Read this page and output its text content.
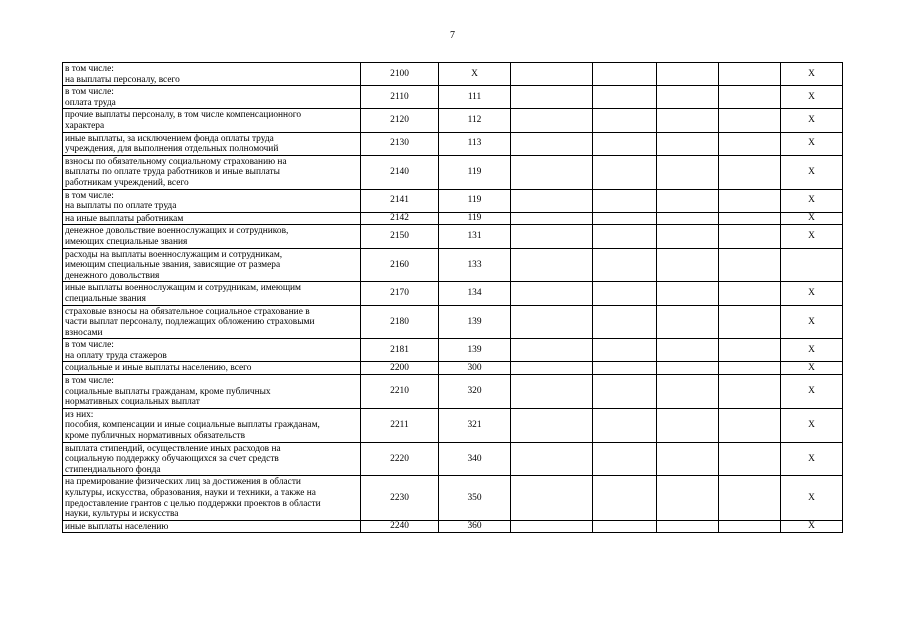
7
в том числе:
на выплаты персоналу, всего	2100	X					X

в том числе:
оплата труда	2110	111					X

прочие выплаты персоналу, в том числе компенсационного
характера	2120	112					X

иные выплаты, за исключением фонда оплаты труда
учреждения, для выполнения отдельных полномочий	2130	113					X

взносы по обязательному социальному страхованию на
выплаты по оплате труда работников и иные выплаты
работникам учреждений, всего	2140	119					X

в том числе:
на выплаты по оплате труда	2141	119					X

на иные выплаты работникам	2142	119					X

денежное довольствие военнослужащих и сотрудников,
имеющих специальные звания	2150	131					X

расходы на выплаты военнослужащим и сотрудникам,
имеющим специальные звания, зависящие от размера
денежного довольствия	2160	133					

иные выплаты военнослужащим и сотрудникам, имеющим
специальные звания	2170	134					X

страховые взносы на обязательное социальное страхование в
части выплат персоналу, подлежащих обложению страховыми
взносами	2180	139					X

в том числе:
на оплату труда стажеров	2181	139					X

социальные и иные выплаты населению, всего	2200	300					X

в том числе:
социальные выплаты гражданам, кроме публичных
нормативных социальных выплат	2210	320					X

из них:
пособия, компенсации и иные социальные выплаты гражданам,
кроме публичных нормативных обязательств	2211	321					X

выплата стипендий, осуществление иных расходов на
социальную поддержку обучающихся за счет средств
стипендиального фонда	2220	340					X

на премирование физических лиц за достижения в области
культуры, искусства, образования, науки и техники, а также на
предоставление грантов с целью поддержки проектов в области
науки, культуры и искусства	2230	350					X

иные выплаты населению	2240	360					X
